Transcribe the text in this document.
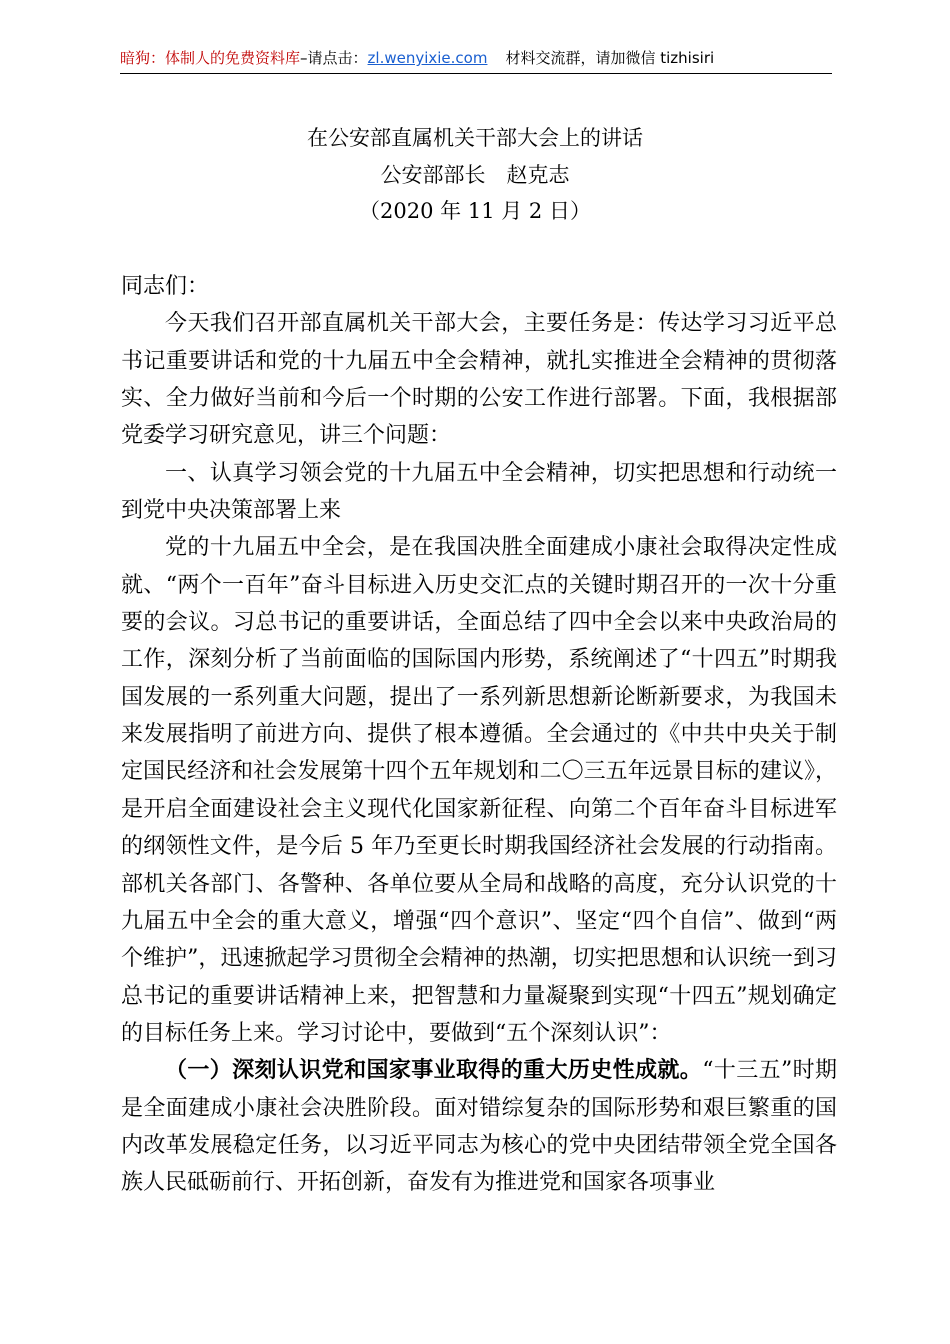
暗狗：体制人的免费资料库–请点击：zl.wenyixie.com 材料交流群，请加微信 tizhisiri
在公安部直属机关干部大会上的讲话
公安部部长　赵克志
（2020 年 11 月 2 日）

同志们：

今天我们召开部直属机关干部大会，主要任务是：传达学习习近平总书记重要讲话和党的十九届五中全会精神，就扎实推进全会精神的贯彻落实、全力做好当前和今后一个时期的公安工作进行部署。下面，我根据部党委学习研究意见，讲三个问题：

一、认真学习领会党的十九届五中全会精神，切实把思想和行动统一到党中央决策部署上来

党的十九届五中全会，是在我国决胜全面建成小康社会取得决定性成就、“两个一百年”奋斗目标进入历史交汇点的关键时期召开的一次十分重要的会议。习总书记的重要讲话，全面总结了四中全会以来中央政治局的工作，深刻分析了当前面临的国际国内形势，系统阐述了“十四五”时期我国发展的一系列重大问题，提出了一系列新思想新论断新要求，为我国未来发展指明了前进方向、提供了根本遵循。全会通过的《中共中央关于制定国民经济和社会发展第十四个五年规划和二〇三五年远景目标的建议》，是开启全面建设社会主义现代化国家新征程、向第二个百年奋斗目标进军的纲领性文件，是今后 5 年乃至更长时期我国经济社会发展的行动指南。部机关各部门、各警种、各单位要从全局和战略的高度，充分认识党的十九届五中全会的重大意义，增强“四个意识”、坚定“四个自信”、做到“两个维护”，迅速掀起学习贯彻全会精神的热潮，切实把思想和认识统一到习总书记的重要讲话精神上来，把智慧和力量凝聚到实现“十四五”规划确定的目标任务上来。学习讨论中，要做到“五个深刻认识”：

（一）深刻认识党和国家事业取得的重大历史性成就。“十三五”时期是全面建成小康社会决胜阶段。面对错综复杂的国际形势和艰巨繁重的国内改革发展稳定任务，以习近平同志为核心的党中央团结带领全党全国各族人民砥砺前行、开拓创新，奋发有为推进党和国家各项事业
